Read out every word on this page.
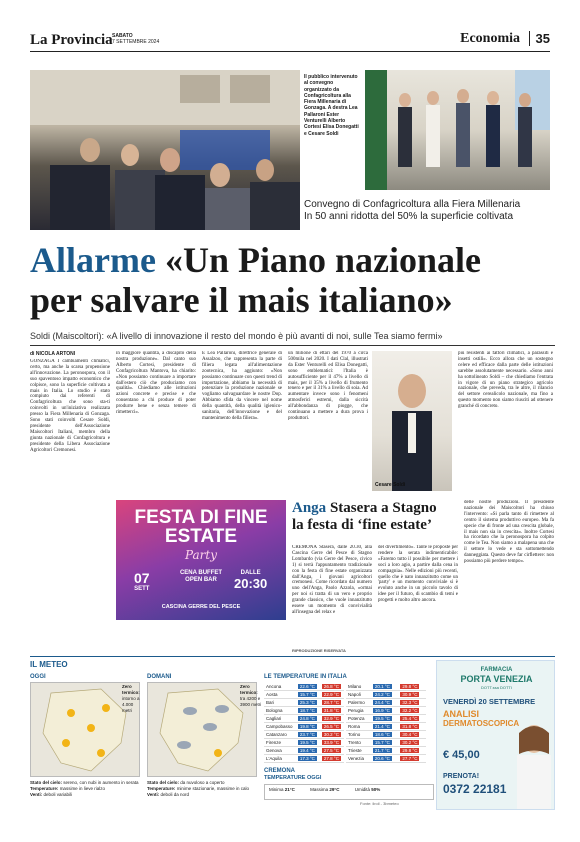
La Provincia SABATO
7 SETTEMBRE 2024	Economia	35
Il pubblico intervenuto al convegno organizzato da Confagricoltura alla Fiera Millenaria di Gonzaga. A destra Lea Pallaroni Ester Venturelli Alberto Cortesi Elisa Donegatti e Cesare Soldi
Convegno di Confagricoltura alla Fiera Millenaria
In 50 anni ridotta del 50% la superficie coltivata
Allarme «Un Piano nazionale
per salvare il mais italiano»
Soldi (Maiscoltori): «A livello di innovazione il resto del mondo è più avanti di noi, sulle Tea siamo fermi»
di NICOLA ARTONI
GONZAGA I cambiamenti climatici, certo, ma anche la scarsa propensione all'innovazione. La peronospora, con il suo spaventoso impatto economico che colpisce, sono la superficie coltivata a mais in Italia. Lo studio è stato compiuto dai referenti di Confagricoltura che sono sta-ti coinvolti in un'iniziativa realizzata presso la Fiera Millenaria di Gonzaga. Sono stati coinvolti Cesare Soldi, presidente dell'Associazione Maiscoltori Italiani, membro della giunta nazionale di Confagricoltura e presidente della Libera Associazione Agricoltori Cremonesi.
in maggiore quantità, a discapito della nostra produzione». Dal canto suo Alberto Cortesi, presidente di Confagricoltura Mantova, ha chiarito: «Non possiamo continuare a importare dall'estero ciò che produciamo con qualità». Chiediamo alle istituzioni azioni concrete e precise e che consentano a chi produce di poter produrre bene e senza temere di rimetterci».
E Lea Pallaroni, direttrice generale di Assalzoo, che rappresenta la parte di filiera legata all'alimentazione zootecnica, ha aggiunto: «Non possiamo continuare con questi trend di importazione, abbiamo la necessità di potenziare la produzione nazionale se vogliamo salvaguardare le nostre Dop. Abbiamo sfida da vincere nel nome della quantità, della qualità igienico-sanitaria, dell'innovazione e del mantenimento della filiera».
un milione di ettari del 1970 a circa 500mila nel 2020. I dati Clal, illustrati da Ester Venturelli ed Elisa Donegatti, sono emblematici: l'Italia è autosufficiente per il 47% a livello di mais, per il 35% a livello di frumento tenero e per il 31% a livello di soia. Ad aumentare invece sono i fenomeni atmosferici estremi, dalla siccità all'abbondanza di piogge, che continuano a mettere a dura prova i produttori.
Cesare Soldi
più resistenti ai fattori climatici, a parassiti e insetti ostili». Ecco allora che un sostegno celere ed efficace dalla parte delle istituzioni sarebbe assolutamente necessario. «Sono anni ha sottolineato Soldi – che chiediamo l'entrata in vigore di un piano strategico agricolo nazionale, che preveda, tra le altre, il rilancio del settore cerealicolo nazionale, ma fino a questo momento non siamo riusciti ad ottenere granché di concreto.
FESTA DI FINE ESTATE
Party
07
SETT
CENA BUFFET OPEN BAR
DALLE
20:30
CASCINA GERRE DEL PESCE
Anga Stasera a Stagno
la festa di ‘fine estate’
CREMONA Stasera, dalle 20.30, alla Cascina Gerre del Pesce di Stagno Lombardo (via Gerre del Pesce, civico 1) si terrà l'appuntamento tradizionale con la festa di fine estate organizzata dall'Anga, i giovani agricoltori cremonesi. Come ricordato dal numero uno dell'Anga, Paolo Azzola, «ormai per noi si tratta di un vero e proprio grande classico, che vuole innanzitutto essere un momento di convivialità all'insegna del relax e
del divertimento». Tante le proposte per rendere la serata indimenticabile: «Faremo tutto il possibile per mettere i soci a loro agio, a partire dalla cena in compagnia». Nelle edizioni più recenti, quello che è nato innanzitutto come un 'party' e un momento conviviale si è evoluto anche in un piccolo tavolo di idee per il futuro, di scambio di temi e progetti e molto altro ancora.
delle nostre produzioni. Il presidente nazionale dei Maiscoltori ha chiuso l'intervento: «Si parla tanto di rimettere al centro il sistema produttivo europeo. Ma fa specie che di fronte ad una crescita globale, il mais non sia in crescita». Inoltre Cortesi ha ricordato che la peronospora ha colpito come le Tea. Non siamo a malapena una che il settore lo vede e sta sottomettendo danneggiata. Questo deve far cirflettere: non possiamo più perdere tempo».
RIPRODUZIONE RISERVATA
IL METEO
OGGI
Zero termico:
intorno a 4.000 metri
DOMANI
Zero termico:
tra 4200 e 3900 metri
LE TEMPERATURE IN ITALIA
Ancona	22.6 °C	26.8 °C
Aosta	15.7 °C	22.9 °C
Bari	25.3 °C	28.7 °C
Bologna	18.7 °C	31.8 °C
Cagliari	24.8 °C	32.9 °C
Campobasso	19.8 °C	26.5 °C
Catanzaro	23.7 °C	30.2 °C
Firenze	19.5 °C	33.9 °C
Genova	19.4 °C	27.5 °C
L'Aquila	17.3 °C	27.8 °C
Milano	20.1 °C	29.8 °C
Napoli	24.2 °C	30.9 °C
Palermo	24.4 °C	32.3 °C
Perugia	16.9 °C	32.2 °C
Potenza	19.5 °C	25.4 °C
Roma	21.4 °C	31.8 °C
Torino	18.6 °C	30.4 °C
Trento	15.7 °C	30.2 °C
Trieste	21.7 °C	29.8 °C
Venezia	20.6 °C	27.7 °C
CREMONA
TEMPERATURE OGGI
Minima 21°C	Massima 29°C	Umidità 50%
Fonte: ilroil - 3bmeteo
Stato del cielo: sereno, con nubi in aumento in serata
Temperature: massime in lieve rialzo
Venti: deboli variabili
Stato del cielo: da nuvoloso a coperto
Temperature: minime stazionarie, massime in calo
Venti: deboli da nord
FARMACIA
PORTA VENEZIA
DOTT.ssa DOTTI
VENERDÌ 20 SETTEMBRE
ANALISI
DERMATOSCOPICA
€ 45,00
PRENOTA!
0372 22181
